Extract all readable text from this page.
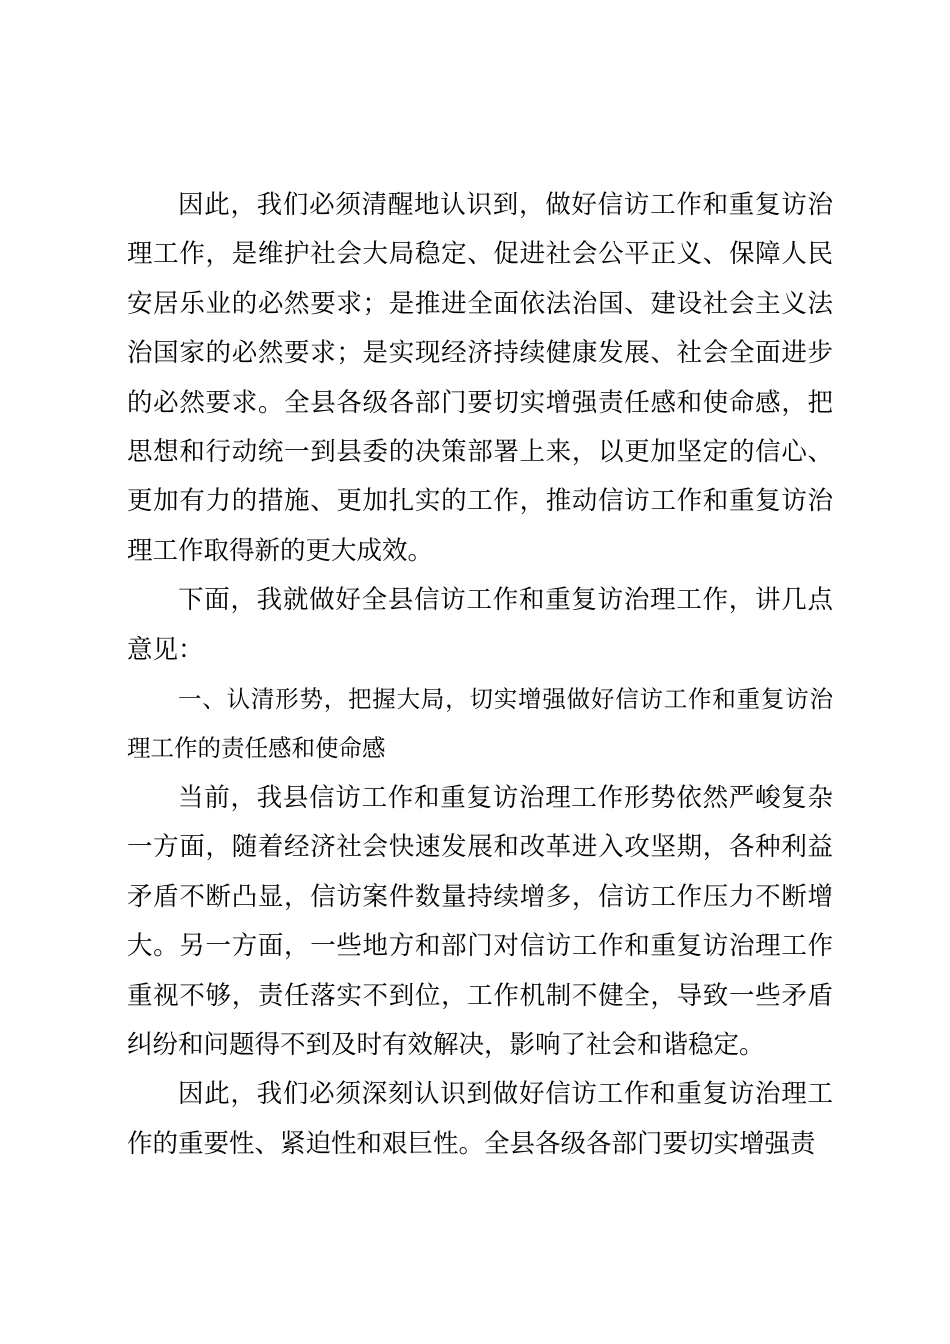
因此，我们必须清醒地认识到，做好信访工作和重复访治理工作，是维护社会大局稳定、促进社会公平正义、保障人民安居乐业的必然要求；是推进全面依法治国、建设社会主义法治国家的必然要求；是实现经济持续健康发展、社会全面进步的必然要求。全县各级各部门要切实增强责任感和使命感，把思想和行动统一到县委的决策部署上来，以更加坚定的信心、更加有力的措施、更加扎实的工作，推动信访工作和重复访治理工作取得新的更大成效。

下面，我就做好全县信访工作和重复访治理工作，讲几点意见：

一、认清形势，把握大局，切实增强做好信访工作和重复访治理工作的责任感和使命感

当前，我县信访工作和重复访治理工作形势依然严峻复杂一方面，随着经济社会快速发展和改革进入攻坚期，各种利益矛盾不断凸显，信访案件数量持续增多，信访工作压力不断增大。另一方面，一些地方和部门对信访工作和重复访治理工作重视不够，责任落实不到位，工作机制不健全，导致一些矛盾纠纷和问题得不到及时有效解决，影响了社会和谐稳定。

因此，我们必须深刻认识到做好信访工作和重复访治理工作的重要性、紧迫性和艰巨性。全县各级各部门要切实增强责
